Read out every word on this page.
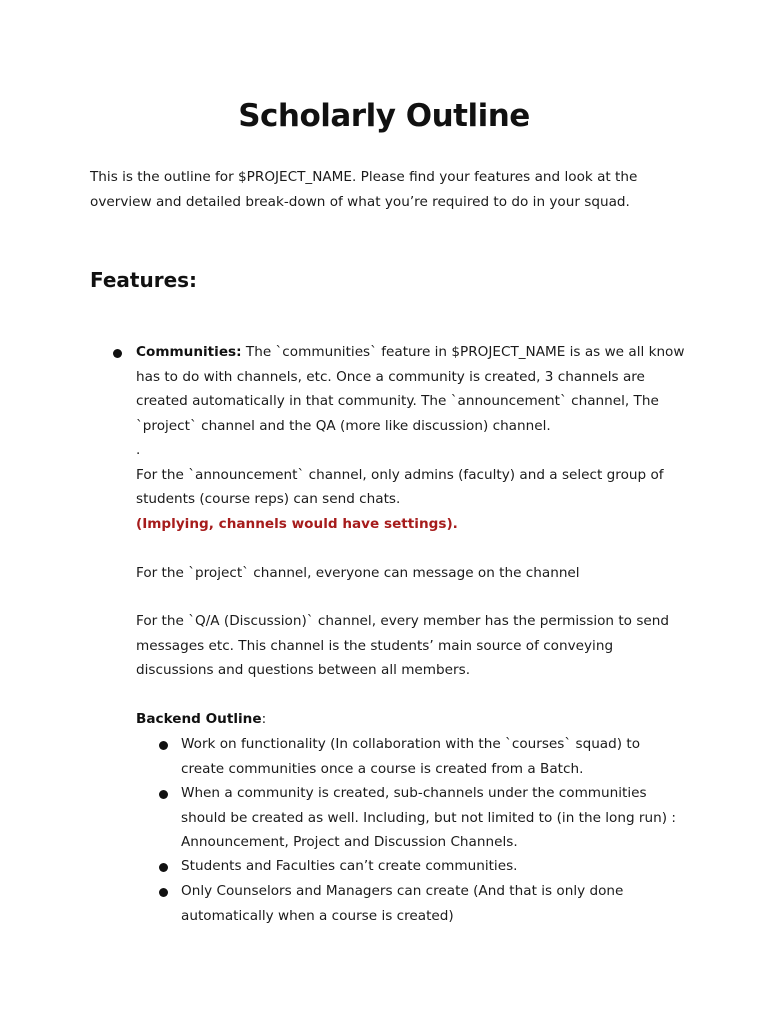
Scholarly Outline

This is the outline for $PROJECT_NAME. Please find your features and look at the overview and detailed break-down of what you’re required to do in your squad.

Features:
Communities: The `communities` feature in $PROJECT_NAME is as we all know
has to do with channels, etc. Once a community is created, 3 channels are
created automatically in that community. The `announcement` channel, The
`project` channel and the QA (more like discussion) channel.
.
For the `announcement` channel, only admins (faculty) and a select group of
students (course reps) can send chats.
(Implying, channels would have settings).
For the `project` channel, everyone can message on the channel
For the `Q/A (Discussion)` channel, every member has the permission to send
messages etc. This channel is the students’ main source of conveying
discussions and questions between all members.
Backend Outline:
Work on functionality (In collaboration with the `courses` squad) to
create communities once a course is created from a Batch.
When a community is created, sub-channels under the communities
should be created as well. Including, but not limited to (in the long run) :
Announcement, Project and Discussion Channels.
Students and Faculties can’t create communities.
Only Counselors and Managers can create (And that is only done
automatically when a course is created)
